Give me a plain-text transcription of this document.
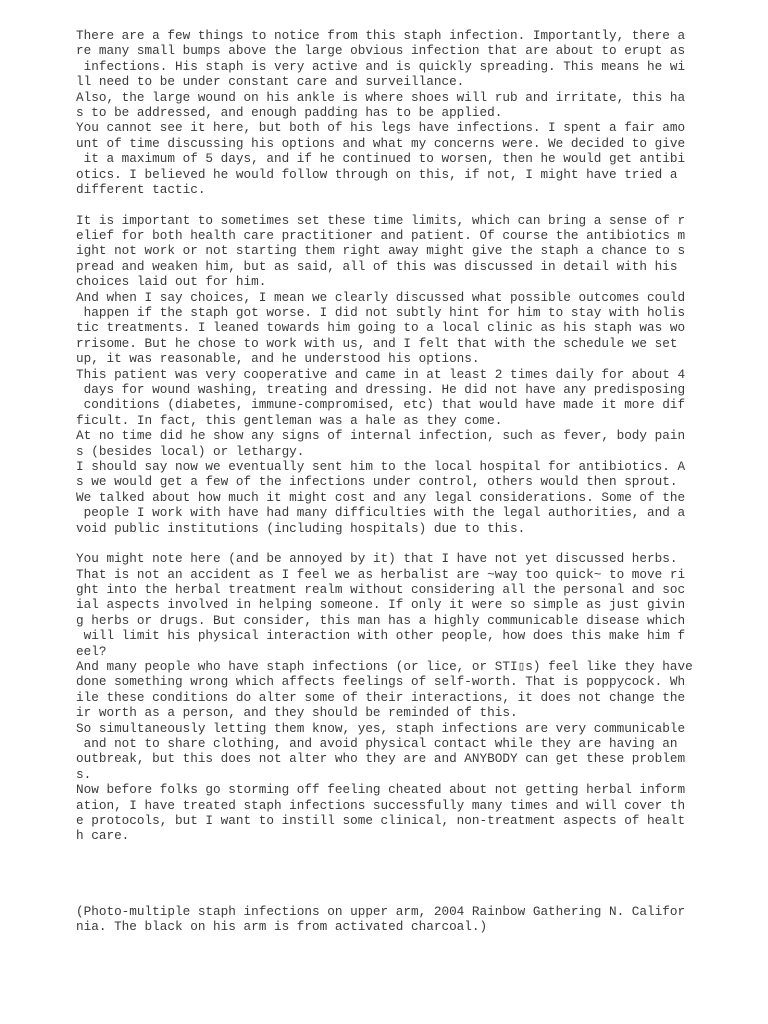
There are a few things to notice from this staph infection. Importantly, there a
re many small bumps above the large obvious infection that are about to erupt as
infections. His staph is very active and is quickly spreading. This means he wi
ll need to be under constant care and surveillance.
Also, the large wound on his ankle is where shoes will rub and irritate, this ha
s to be addressed, and enough padding has to be applied.
You cannot see it here, but both of his legs have infections. I spent a fair amo
unt of time discussing his options and what my concerns were. We decided to give
it a maximum of 5 days, and if he continued to worsen, then he would get antibi
otics. I believed he would follow through on this, if not, I might have tried a
different tactic.
It is important to sometimes set these time limits, which can bring a sense of r
elief for both health care practitioner and patient. Of course the antibiotics m
ight not work or not starting them right away might give the staph a chance to s
pread and weaken him, but as said, all of this was discussed in detail with his
choices laid out for him.
And when I say choices, I mean we clearly discussed what possible outcomes could
happen if the staph got worse. I did not subtly hint for him to stay with holis
tic treatments. I leaned towards him going to a local clinic as his staph was wo
rrisome. But he chose to work with us, and I felt that with the schedule we set
up, it was reasonable, and he understood his options.
This patient was very cooperative and came in at least 2 times daily for about 4
days for wound washing, treating and dressing. He did not have any predisposing
conditions (diabetes, immune-compromised, etc) that would have made it more dif
ficult. In fact, this gentleman was a hale as they come.
At no time did he show any signs of internal infection, such as fever, body pain
s (besides local) or lethargy.
I should say now we eventually sent him to the local hospital for antibiotics. A
s we would get a few of the infections under control, others would then sprout.
We talked about how much it might cost and any legal considerations. Some of the
people I work with have had many difficulties with the legal authorities, and a
void public institutions (including hospitals) due to this.
You might note here (and be annoyed by it) that I have not yet discussed herbs.
That is not an accident as I feel we as herbalist are ~way too quick~ to move ri
ght into the herbal treatment realm without considering all the personal and soc
ial aspects involved in helping someone. If only it were so simple as just givin
g herbs or drugs. But consider, this man has a highly communicable disease which
will limit his physical interaction with other people, how does this make him f
eel?
And many people who have staph infections (or lice, or STI▯s) feel like they have
done something wrong which affects feelings of self-worth. That is poppycock. Wh
ile these conditions do alter some of their interactions, it does not change the
ir worth as a person, and they should be reminded of this.
So simultaneously letting them know, yes, staph infections are very communicable
and not to share clothing, and avoid physical contact while they are having an
outbreak, but this does not alter who they are and ANYBODY can get these problem
s.
Now before folks go storming off feeling cheated about not getting herbal inform
ation, I have treated staph infections successfully many times and will cover th
e protocols, but I want to instill some clinical, non-treatment aspects of healt
h care.
(Photo-multiple staph infections on upper arm, 2004 Rainbow Gathering N. Califor
nia. The black on his arm is from activated charcoal.)
